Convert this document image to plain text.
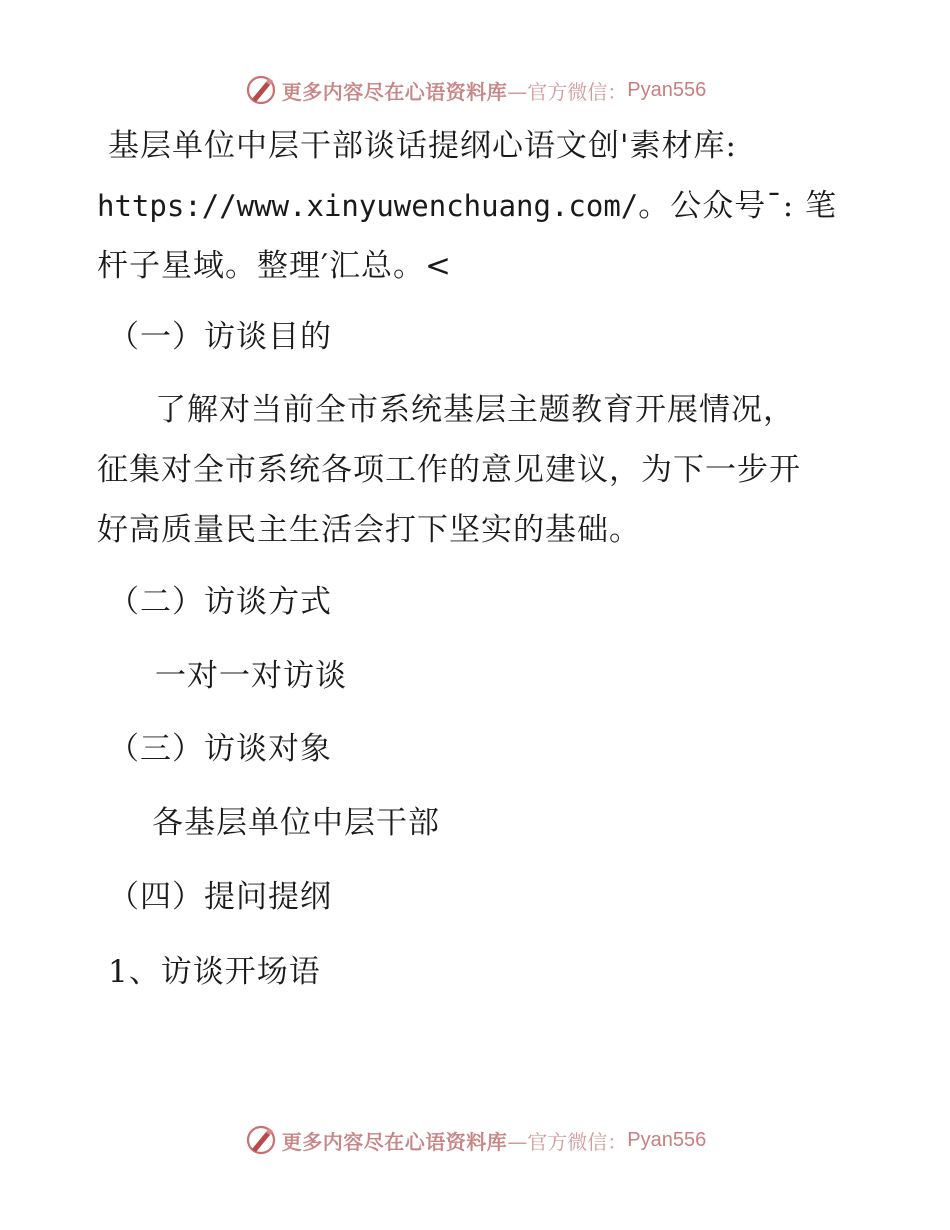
更多内容尽在心语资料库 —官方微信： Pyan556
基层单位中层干部谈话提纲心语文创'素材库:
https://www.xinyuwenchuang.com/。公众号¯: 笔
杆子星域。整理′汇总。<
（一）访谈目的
了解对当前全市系统基层主题教育开展情况，
征集对全市系统各项工作的意见建议，为下一步开
好高质量民主生活会打下坚实的基础。
（二）访谈方式
一对一对访谈
（三）访谈对象
各基层单位中层干部
（四）提问提纲
1、访谈开场语
更多内容尽在心语资料库 —官方微信： Pyan556
